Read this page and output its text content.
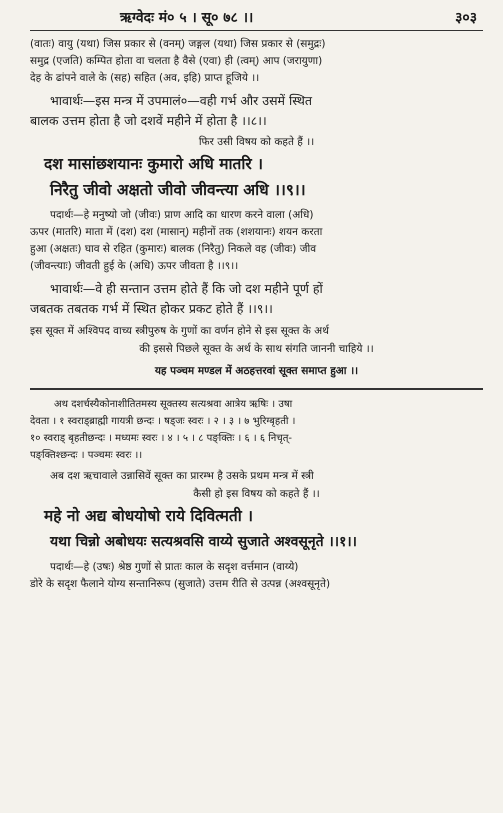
ऋग्वेदः मं० ५ । सू० ७८ ।।	३०३
(वातः) वायु (यथा) जिस प्रकार से (वनम्) जङ्गल (यथा) जिस प्रकार से (समुद्रः)
समुद्र (एजति) कम्पित होता वा चलता है वैसे (एवा) ही (त्वम्) आप (जरायुणा)
देह के ढांपने वाले के (सह) सहित (अव, इहि) प्राप्त हूजिये ।।
भावार्थः—इस मन्त्र में उपमालं०—वही गर्भ और उसमें स्थित
बालक उत्तम होता है जो दशवें महीने में होता है ।।८।।
फिर उसी विषय को कहते हैं ।।
दश मासांछशयानः कुमारो अधि मातरि ।
निरैतु जीवो अक्षतो जीवो जीवन्त्या अधि ।।९।।
पदार्थः—हे मनुष्यो जो (जीवः) प्राण आदि का धारण करने वाला (अधि)
ऊपर (मातरि) माता में (दश) दश (मासान्) महीनों तक (शशयानः) शयन करता
हुआ (अक्षतः) घाव से रहित (कुमारः) बालक (निरैतु) निकले वह (जीवः) जीव
(जीवन्त्याः) जीवती हुई के (अधि) ऊपर जीवता है ।।९।।
भावार्थः—वे ही सन्तान उत्तम होते हैं कि जो दश महीने पूर्ण हों
जबतक तबतक गर्भ में स्थित होकर प्रकट होते हैं ।।९।।
इस सूक्त में अश्विपद वाच्य स्त्रीपुरुष के गुणों का वर्णन होने से इस सूक्त के अर्थ
की इससे पिछले सूक्त के अर्थ के साथ संगति जाननी चाहिये ।।
यह पञ्चम मण्डल में अठहत्तरवां सूक्त समाप्त हुआ ।।
अथ दशर्चस्यैकोनाशीतितमस्य सूक्तस्य सत्यश्रवा आत्रेय ऋषिः । उषा
देवता । १ स्वराड्ब्राह्मी गायत्री छन्दः । षड्जः स्वरः । २ । ३ । ७ भुरिग्बृहती ।
१० स्वराड् बृहतीछन्दः । मध्यमः स्वरः । ४ । ५ । ८ पङ्क्तिः । ६ । ६ निचृत्-
पङ्क्तिश्छन्दः । पञ्चमः स्वरः ।।
अब दश ऋचावाले उन्नासिवें सूक्त का प्रारम्भ है उसके प्रथम मन्त्र में स्त्री
कैसी हो इस विषय को कहते हैं ।।
महे नो अद्य बोधयोषो राये दिवित्मती ।
यथा चिन्नो अबोधयः सत्यश्रवसि वाय्ये सुजाते अश्वसूनृते ।।१।।
पदार्थः—हे (उषः) श्रेष्ठ गुणों से प्रातः काल के सदृश वर्त्तमान (वाय्ये)
डोरे के सदृश फैलाने योग्य सन्तानिरूप (सुजाते) उत्तम रीति से उत्पन्न (अश्वसूनृते)
